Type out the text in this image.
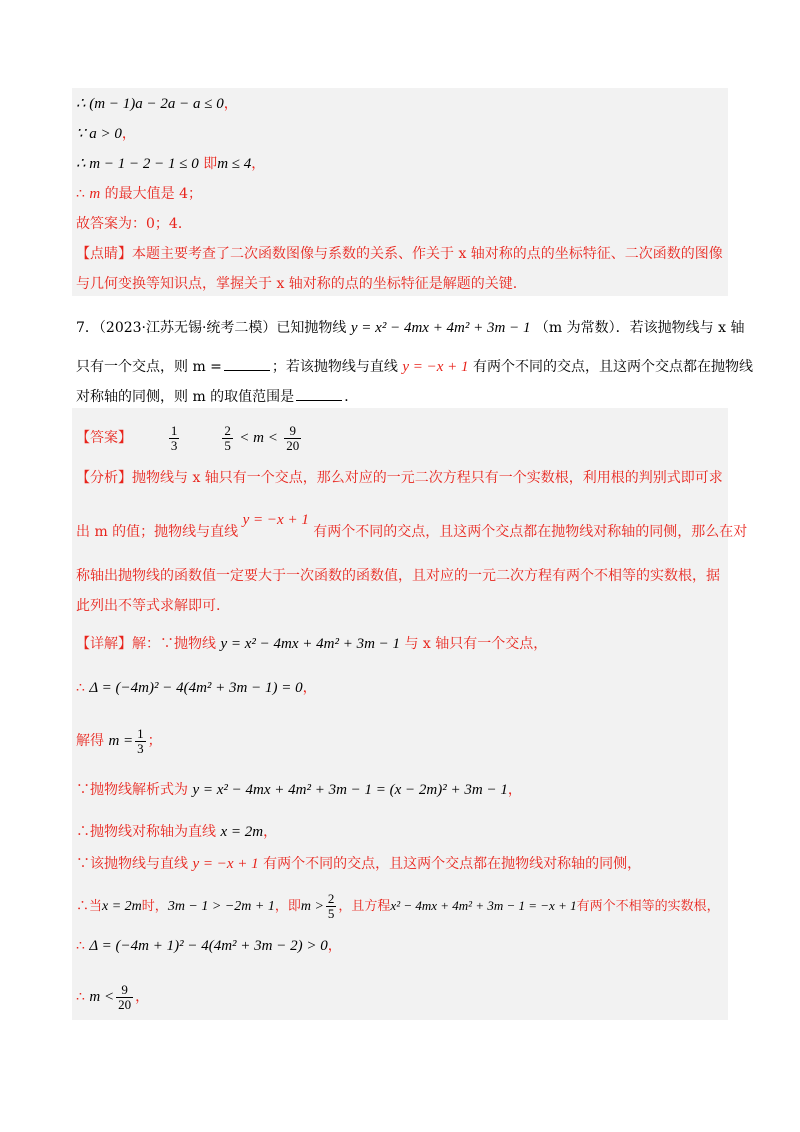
∴ (m − 1)a − 2a − a ≤ 0，
∵ a > 0，
∴ m − 1 − 2 − 1 ≤ 0 即m ≤ 4，
∴ m 的最大值是 4；
故答案为：0；4．
【点睛】本题主要考查了二次函数图像与系数的关系、作关于 x 轴对称的点的坐标特征、二次函数的图像
与几何变换等知识点，掌握关于 x 轴对称的点的坐标特征是解题的关键.
7．（2023·江苏无锡·统考二模）已知抛物线 y = x² − 4mx + 4m² + 3m − 1 （m 为常数）．若该抛物线与 x 轴
只有一个交点，则 m =	；若该抛物线与直线 y = −x + 1 有两个不同的交点，且这两个交点都在抛物线
对称轴的同侧，则 m 的取值范围是	．
【答案】	$\frac{1}{3}$
	$\frac{2}{5} < m < \frac{9}{20}$
【分析】抛物线与 x 轴只有一个交点，那么对应的一元二次方程只有一个实数根，利用根的判别式即可求
出 m 的值；抛物线与直线 y = −x + 1 有两个不同的交点，且这两个交点都在抛物线对称轴的同侧，那么在对
称轴出抛物线的函数值一定要大于一次函数的函数值，且对应的一元二次方程有两个不相等的实数根，据
此列出不等式求解即可.
【详解】解：∵抛物线 y = x² − 4mx + 4m² + 3m − 1 与 x 轴只有一个交点，
∴ Δ = (−4m)² − 4(4m² + 3m − 1) = 0，
解得 $m = \frac{1}{3}$ ；
∵抛物线解析式为 y = x² − 4mx + 4m² + 3m − 1 = (x − 2m)² + 3m − 1，
∴抛物线对称轴为直线 x = 2m，
∵该抛物线与直线 y = −x + 1 有两个不同的交点，且这两个交点都在抛物线对称轴的同侧，
∴当x = 2m时，3m − 1 > −2m + 1，即$m > \frac{2}{5}$ ，且方程x² − 4mx + 4m² + 3m − 1 = −x + 1有两个不相等的实数根，
∴ Δ = (−4m + 1)² − 4(4m² + 3m − 2) > 0，
∴ $m < \frac{9}{20}$ ，
